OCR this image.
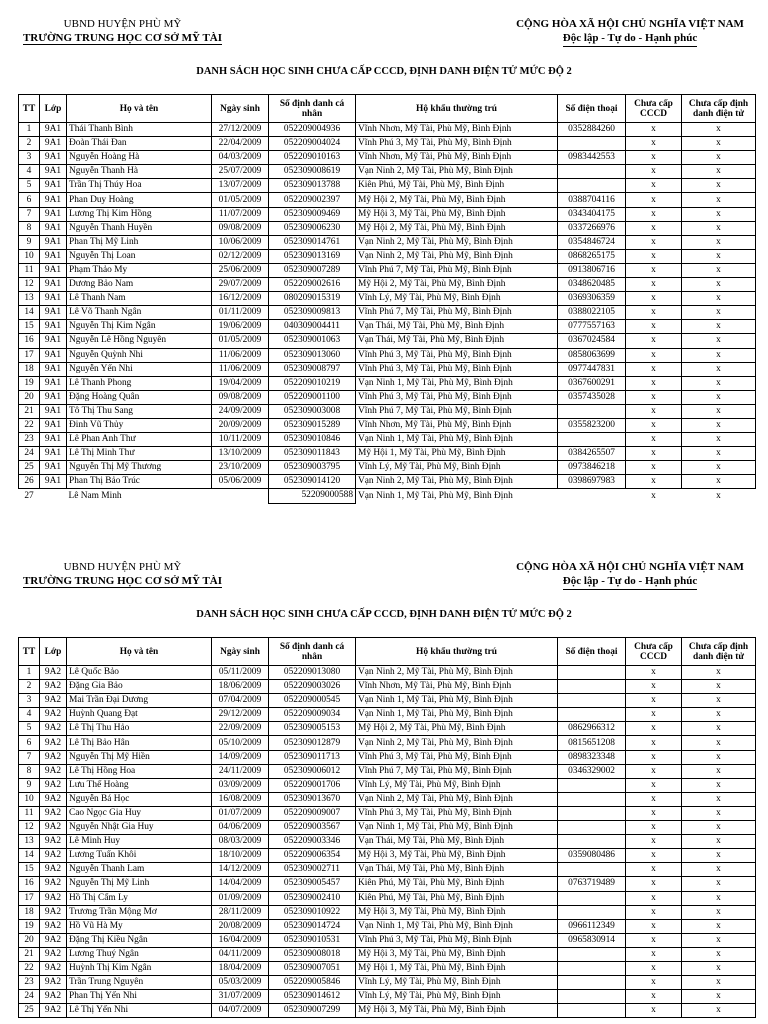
UBND HUYỆN PHÙ MỸ
TRƯỜNG TRUNG HỌC CƠ SỞ MỸ TÀI
CỘNG HÒA XÃ HỘI CHỦ NGHĨA VIỆT NAM
Độc lập - Tự do - Hạnh phúc
DANH SÁCH HỌC SINH CHƯA CẤP CCCD, ĐỊNH DANH ĐIỆN TỬ MỨC ĐỘ 2
TT	Lớp	Họ và tên	Ngày sinh	Số định danh cá nhân	Hộ khẩu thường trú	Số điện thoại	Chưa cấp CCCD	Chưa cấp định danh điện tử
1	9A1	Thái Thanh Bình	27/12/2009	052209004936	Vĩnh Nhơn, Mỹ Tài, Phù Mỹ, Bình Định	0352884260	x	x
2	9A1	Đoàn Thái Đan	22/04/2009	052209004024	Vĩnh Phú 3, Mỹ Tài, Phù Mỹ, Bình Định		x	x
3	9A1	Nguyễn Hoàng Hà	04/03/2009	052209010163	Vĩnh Nhơn, Mỹ Tài, Phù Mỹ, Bình Định	0983442553	x	x
4	9A1	Nguyễn Thanh Hà	25/07/2009	052309008619	Vạn Ninh 2, Mỹ Tài, Phù Mỹ, Bình Định		x	x
5	9A1	Trần Thị Thúy Hoa	13/07/2009	052309013788	Kiên Phú, Mỹ Tài, Phù Mỹ, Bình Định		x	x
6	9A1	Phan Duy Hoàng	01/05/2009	052209002397	Mỹ Hội 2, Mỹ Tài, Phù Mỹ, Bình Định	0388704116	x	x
7	9A1	Lương Thị Kim Hồng	11/07/2009	052309009469	Mỹ Hội 3, Mỹ Tài, Phù Mỹ, Bình Định	0343404175	x	x
8	9A1	Nguyễn Thanh Huyền	09/08/2009	052309006230	Mỹ Hội 2, Mỹ Tài, Phù Mỹ, Bình Định	0337266976	x	x
9	9A1	Phan Thị Mỹ Linh	10/06/2009	052309014761	Vạn Ninh 2, Mỹ Tài, Phù Mỹ, Bình Định	0354846724	x	x
10	9A1	Nguyễn Thị Loan	02/12/2009	052309013169	Vạn Ninh 2, Mỹ Tài, Phù Mỹ, Bình Định	0868265175	x	x
11	9A1	Phạm Thảo My	25/06/2009	052309007289	Vĩnh Phú 7, Mỹ Tài, Phù Mỹ, Bình Định	0913806716	x	x
12	9A1	Dương Bảo Nam	29/07/2009	052209002616	Mỹ Hội 2, Mỹ Tài, Phù Mỹ, Bình Định	0348620485	x	x
13	9A1	Lê Thanh Nam	16/12/2009	080209015319	Vĩnh Lý, Mỹ Tài, Phù Mỹ, Bình Định	0369306359	x	x
14	9A1	Lê Võ Thanh Ngân	01/11/2009	052309009813	Vĩnh Phú 7, Mỹ Tài, Phù Mỹ, Bình Định	0388022105	x	x
15	9A1	Nguyễn Thị Kim Ngân	19/06/2009	040309004411	Vạn Thái, Mỹ Tài, Phù Mỹ, Bình Định	0777557163	x	x
16	9A1	Nguyễn Lê Hồng Nguyên	01/05/2009	052309001063	Vạn Thái, Mỹ Tài, Phù Mỹ, Bình Định	0367024584	x	x
17	9A1	Nguyễn Quỳnh Nhi	11/06/2009	052309013060	Vĩnh Phú 3, Mỹ Tài, Phù Mỹ, Bình Định	0858063699	x	x
18	9A1	Nguyễn Yến Nhi	11/06/2009	052309008797	Vĩnh Phú 3, Mỹ Tài, Phù Mỹ, Bình Định	0977447831	x	x
19	9A1	Lê Thanh Phong	19/04/2009	052209010219	Vạn Ninh 1, Mỹ Tài, Phù Mỹ, Bình Định	0367600291	x	x
20	9A1	Đặng Hoàng Quân	09/08/2009	052209001100	Vĩnh Phú 3, Mỹ Tài, Phù Mỹ, Bình Định	0357435028	x	x
21	9A1	Tô Thị Thu Sang	24/09/2009	052309003008	Vĩnh Phú 7, Mỹ Tài, Phù Mỹ, Bình Định		x	x
22	9A1	Đinh Vũ Thủy	20/09/2009	052309015289	Vĩnh Nhơn, Mỹ Tài, Phù Mỹ, Bình Định	0355823200	x	x
23	9A1	Lê Phan Anh Thư	10/11/2009	052309010846	Vạn Ninh 1, Mỹ Tài, Phù Mỹ, Bình Định		x	x
24	9A1	Lê Thị Minh Thư	13/10/2009	052309011843	Mỹ Hội 1, Mỹ Tài, Phù Mỹ, Bình Định	0384265507	x	x
25	9A1	Nguyễn Thị Mỹ Thương	23/10/2009	052309003795	Vĩnh Lý, Mỹ Tài, Phù Mỹ, Bình Định	0973846218	x	x
26	9A1	Phan Thị Bảo Trúc	05/06/2009	052309014120	Vạn Ninh 2, Mỹ Tài, Phù Mỹ, Bình Định	0398697983	x	x
27		Lê Nam Minh		52209000588	Vạn Ninh 1, Mỹ Tài, Phù Mỹ, Bình Định		x	x
UBND HUYỆN PHÙ MỸ
TRƯỜNG TRUNG HỌC CƠ SỞ MỸ TÀI
CỘNG HÒA XÃ HỘI CHỦ NGHĨA VIỆT NAM
Độc lập - Tự do - Hạnh phúc
DANH SÁCH HỌC SINH CHƯA CẤP CCCD, ĐỊNH DANH ĐIỆN TỬ MỨC ĐỘ 2
TT	Lớp	Họ và tên	Ngày sinh	Số định danh cá nhân	Hộ khẩu thường trú	Số điện thoại	Chưa cấp CCCD	Chưa cấp định danh điện tử
1	9A2	Lê Quốc Bảo	05/11/2009	052209013080	Vạn Ninh 2, Mỹ Tài, Phù Mỹ, Bình Định		x	x
2	9A2	Đặng Gia Bảo	18/06/2009	052209003026	Vĩnh Nhơn, Mỹ Tài, Phù Mỹ, Bình Định		x	x
3	9A2	Mai Trần Đại Dương	07/04/2009	052209000545	Vạn Ninh 1, Mỹ Tài, Phù Mỹ, Bình Định		x	x
4	9A2	Huỳnh Quang Đạt	29/12/2009	052209009034	Vạn Ninh 1, Mỹ Tài, Phù Mỹ, Bình Định		x	x
5	9A2	Lê Thị Thu Hảo	22/09/2009	052309005153	Mỹ Hội 2, Mỹ Tài, Phù Mỹ, Bình Định	0862966312	x	x
6	9A2	Lê Thị Bảo Hân	05/10/2009	052309012879	Vạn Ninh 2, Mỹ Tài, Phù Mỹ, Bình Định	0815651208	x	x
7	9A2	Nguyễn Thị Mỹ Hiền	14/09/2009	052309011713	Vĩnh Phú 3, Mỹ Tài, Phù Mỹ, Bình Định	0898323348	x	x
8	9A2	Lê Thị Hồng Hoa	24/11/2009	052309006012	Vĩnh Phú 7, Mỹ Tài, Phù Mỹ, Bình Định	0346329002	x	x
9	9A2	Lưu Thế Hoàng	03/09/2009	052209001706	Vĩnh Lý, Mỹ Tài, Phù Mỹ, Bình Định		x	x
10	9A2	Nguyễn Bá Học	16/08/2009	052309013670	Vạn Ninh 2, Mỹ Tài, Phù Mỹ, Bình Định		x	x
11	9A2	Cao Ngọc Gia Huy	01/07/2009	052209009007	Vĩnh Phú 3, Mỹ Tài, Phù Mỹ, Bình Định		x	x
12	9A2	Nguyễn Nhật Gia Huy	04/06/2009	052209003567	Vạn Ninh 1, Mỹ Tài, Phù Mỹ, Bình Định		x	x
13	9A2	Lê Minh Huy	08/03/2009	052209003346	Vạn Thái, Mỹ Tài, Phù Mỹ, Bình Định		x	x
14	9A2	Lương Tuấn Khôi	18/10/2009	052209006354	Mỹ Hội 3, Mỹ Tài, Phù Mỹ, Bình Định	0359080486	x	x
15	9A2	Nguyễn Thanh Lam	14/12/2009	052309002711	Vạn Thái, Mỹ Tài, Phù Mỹ, Bình Định		x	x
16	9A2	Nguyễn Thị Mỹ Linh	14/04/2009	052309005457	Kiên Phú, Mỹ Tài, Phù Mỹ, Bình Định	0763719489	x	x
17	9A2	Hồ Thị Cẩm Ly	01/09/2009	052309002410	Kiên Phú, Mỹ Tài, Phù Mỹ, Bình Định		x	x
18	9A2	Trương Trần Mộng Mơ	28/11/2009	052309010922	Mỹ Hội 3, Mỹ Tài, Phù Mỹ, Bình Định		x	x
19	9A2	Hồ Vũ Hà My	20/08/2009	052309014724	Vạn Ninh 1, Mỹ Tài, Phù Mỹ, Bình Định	0966112349	x	x
20	9A2	Đặng Thị Kiều Ngân	16/04/2009	052309010531	Vĩnh Phú 3, Mỹ Tài, Phù Mỹ, Bình Định	0965830914	x	x
21	9A2	Lương Thuý Ngân	04/11/2009	052309008018	Mỹ Hội 3, Mỹ Tài, Phù Mỹ, Bình Định		x	x
22	9A2	Huỳnh Thị Kim Ngân	18/04/2009	052309007051	Mỹ Hội 1, Mỹ Tài, Phù Mỹ, Bình Định		x	x
23	9A2	Trần Trung Nguyên	05/03/2009	052209005846	Vĩnh Lý, Mỹ Tài, Phù Mỹ, Bình Định		x	x
24	9A2	Phan Thị Yến Nhi	31/07/2009	052309014612	Vĩnh Lý, Mỹ Tài, Phù Mỹ, Bình Định		x	x
25	9A2	Lê Thị Yến Nhi	04/07/2009	052309007299	Mỹ Hội 3, Mỹ Tài, Phù Mỹ, Bình Định		x	x
